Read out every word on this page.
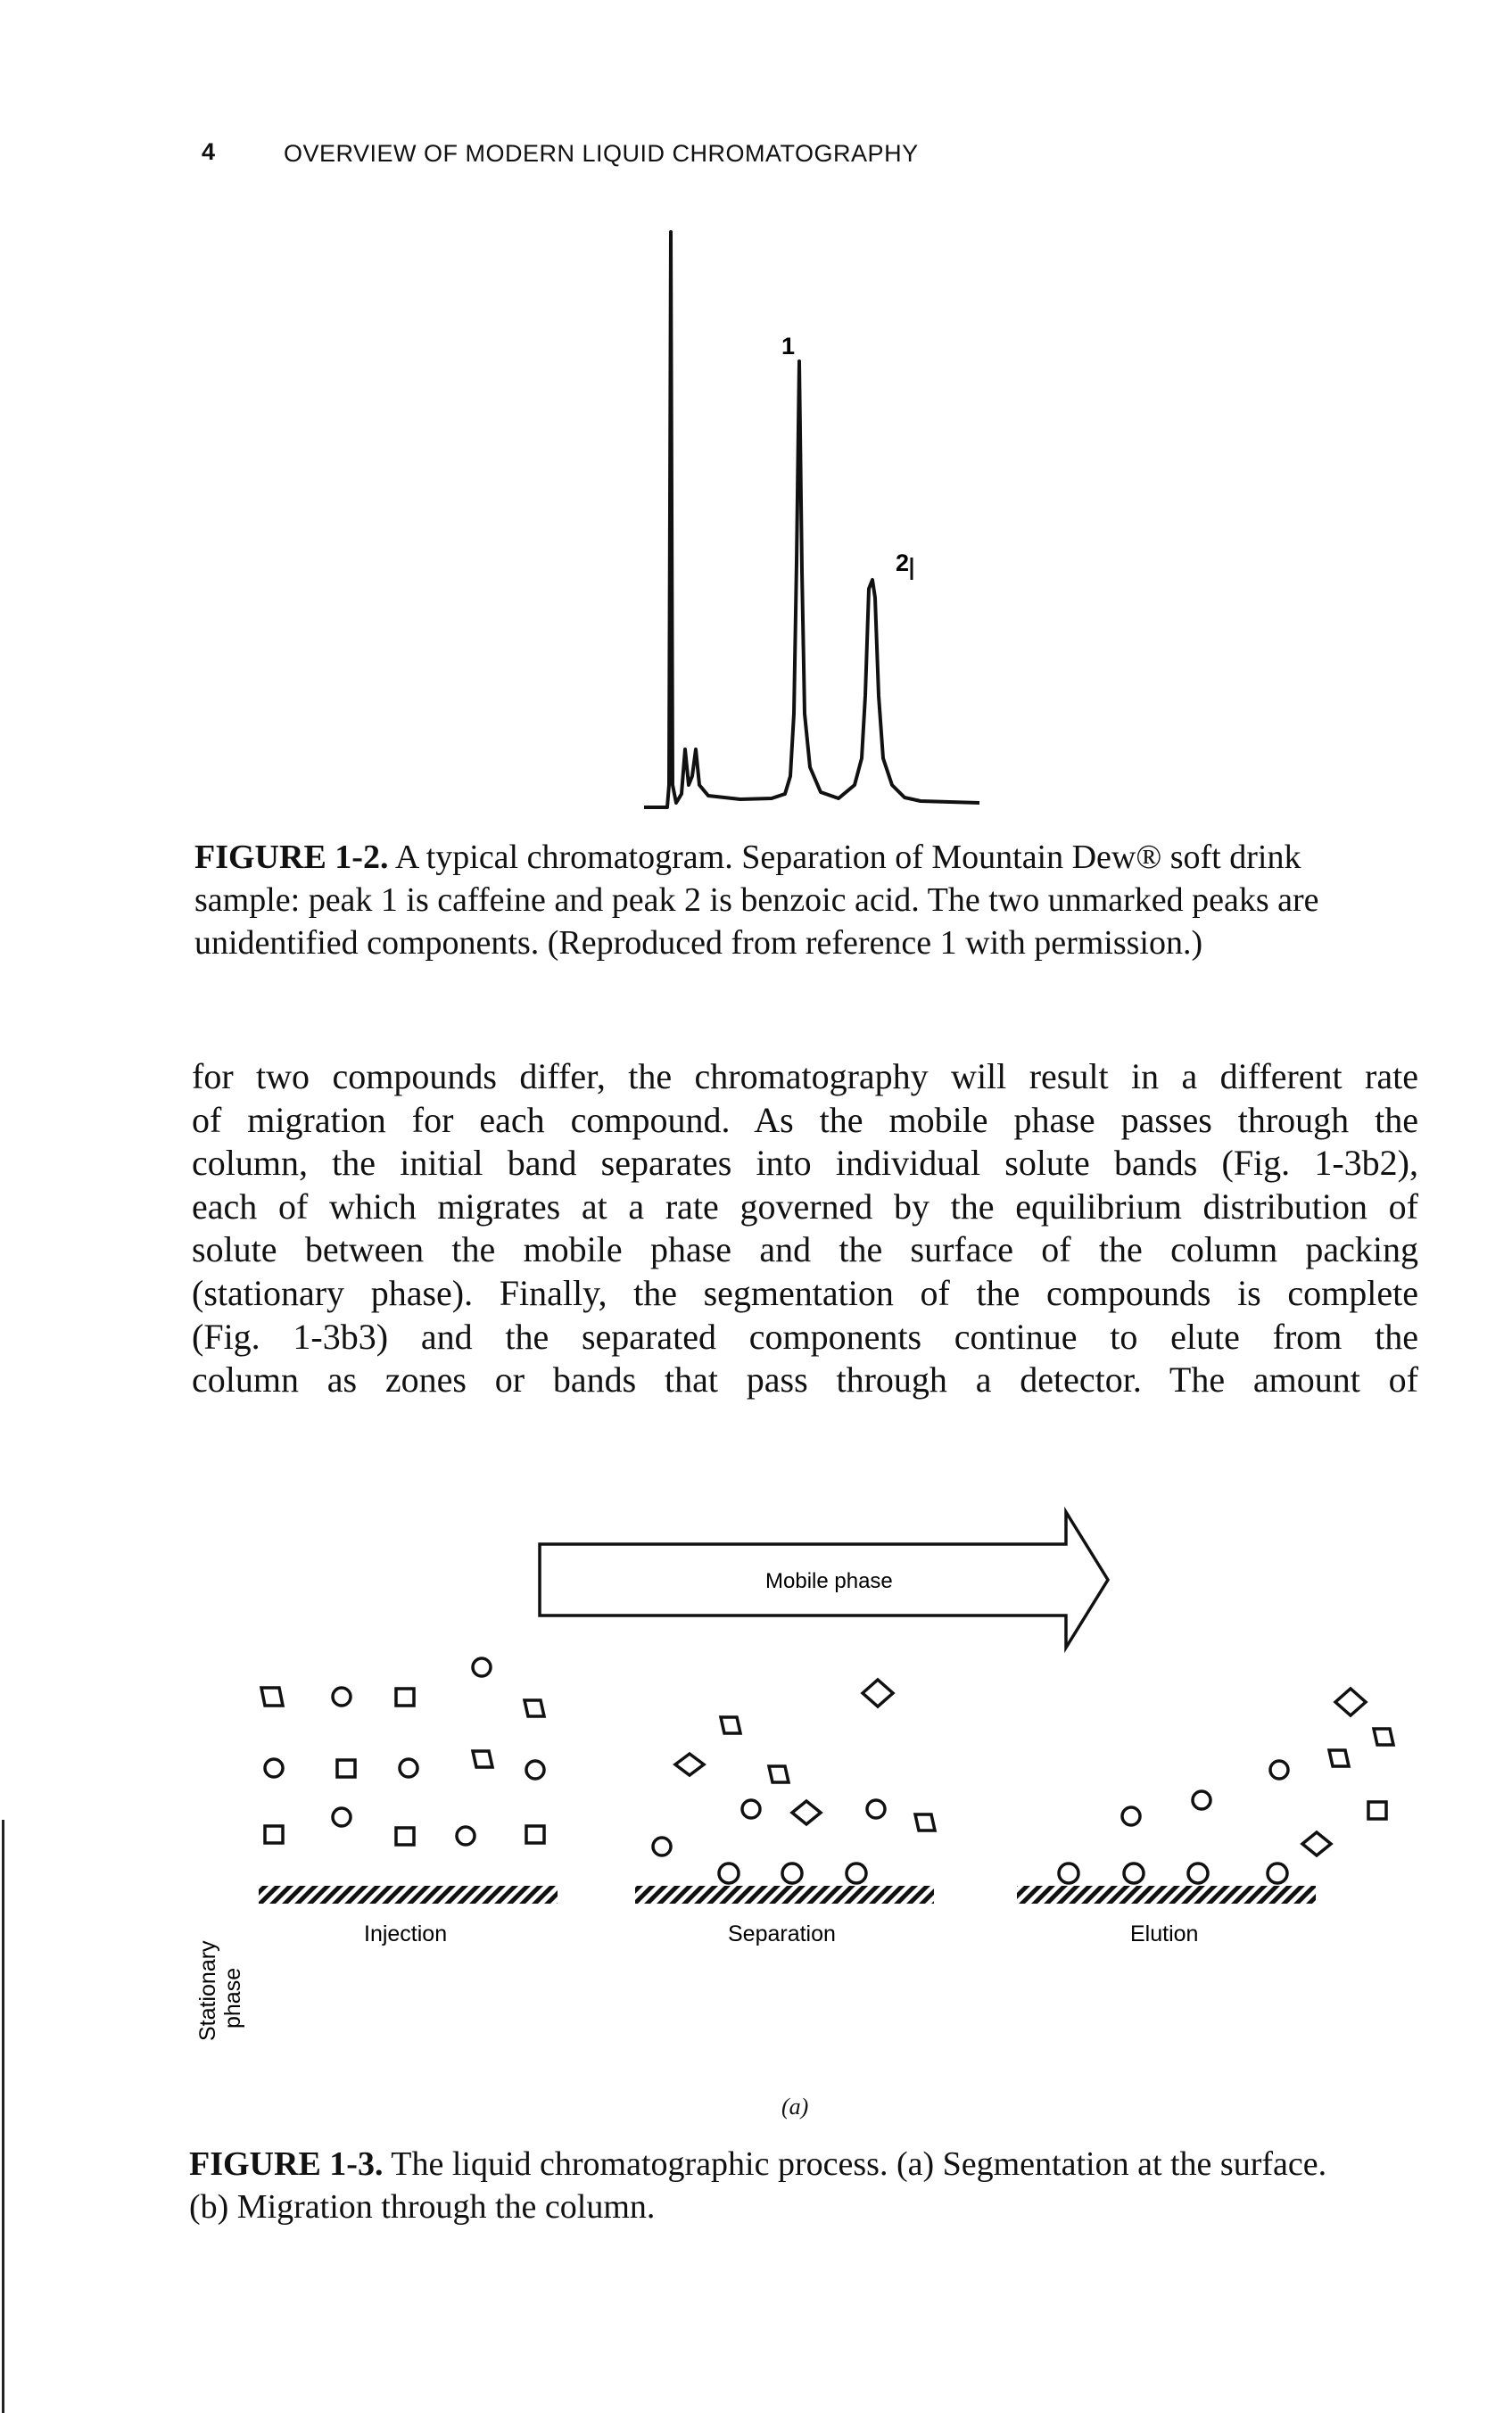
4	OVERVIEW OF MODERN LIQUID CHROMATOGRAPHY
1
2
FIGURE 1-2. A typical chromatogram. Separation of Mountain Dew® soft drink
sample: peak 1 is caffeine and peak 2 is benzoic acid. The two unmarked peaks are
unidentified components. (Reproduced from reference 1 with permission.)
for two compounds differ, the chromatography will result in a different rate
of migration for each compound. As the mobile phase passes through the
column, the initial band separates into individual solute bands (Fig. 1-3b2),
each of which migrates at a rate governed by the equilibrium distribution of
solute between the mobile phase and the surface of the column packing
(stationary phase). Finally, the segmentation of the compounds is complete
(Fig. 1-3b3) and the separated components continue to elute from the
column as zones or bands that pass through a detector. The amount of
Mobile phase
Injection	Separation	Elution
Stationary phase
(a)
FIGURE 1-3. The liquid chromatographic process. (a) Segmentation at the surface.
(b) Migration through the column.
